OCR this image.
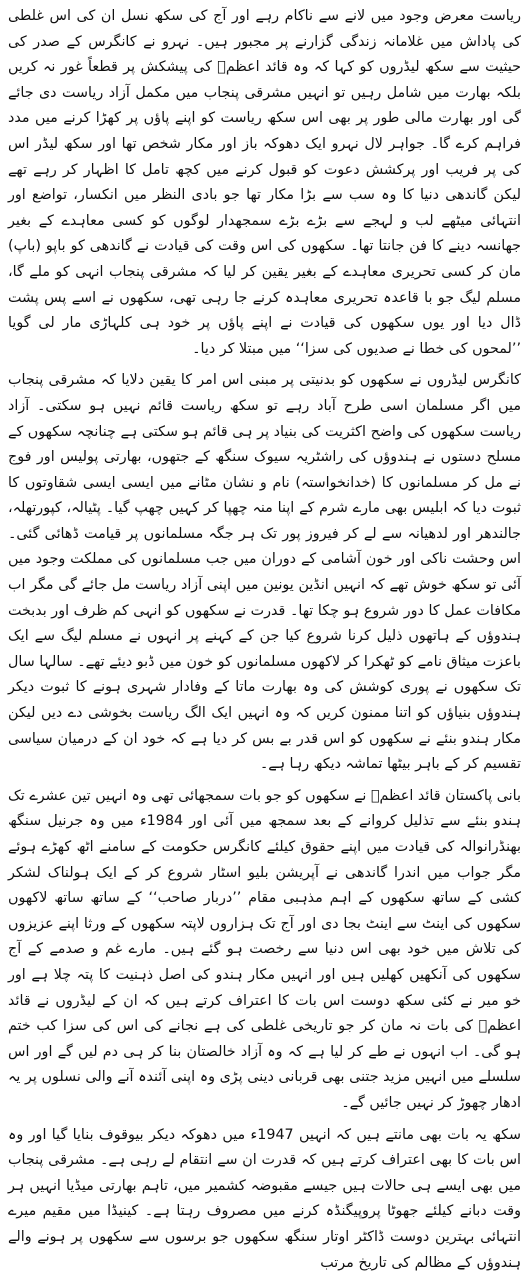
ریاست معرض وجود میں لانے سے ناکام رہے اور آج کی سکھ نسل ان کی اس غلطی کی پاداش میں غلامانہ زندگی گزارنے پر مجبور ہیں۔ نہرو نے کانگرس کے صدر کی حیثیت سے سکھ لیڈروں کو کہا کہ وہ قائد اعظمؒ کی پیشکش پر قطعاً غور نہ کریں بلکہ بھارت میں شامل رہیں تو انہیں مشرقی پنجاب میں مکمل آزاد ریاست دی جائے گی اور بھارت مالی طور پر بھی اس سکھ ریاست کو اپنے پاؤں پر کھڑا کرنے میں مدد فراہم کرے گا۔ جواہر لال نہرو ایک دھوکہ باز اور مکار شخص تھا اور سکھ لیڈر اس کی پر فریب اور پرکشش دعوت کو قبول کرنے میں کچھ تامل کا اظہار کر رہے تھے لیکن گاندھی دنیا کا وہ سب سے بڑا مکار تھا جو بادی النظر میں انکسار، تواضع اور انتہائی میٹھے لب و لہجے سے بڑے بڑے سمجھدار لوگوں کو کسی معاہدے کے بغیر جھانسہ دینے کا فن جانتا تھا۔ سکھوں کی اس وقت کی قیادت نے گاندھی کو باپو (باپ) مان کر کسی تحریری معاہدے کے بغیر یقین کر لیا کہ مشرقی پنجاب انہی کو ملے گا، مسلم لیگ جو با قاعدہ تحریری معاہدہ کرنے جا رہی تھی، سکھوں نے اسے پس پشت ڈال دیا اور یوں سکھوں کی قیادت نے اپنے پاؤں پر خود ہی کلہاڑی مار لی گویا ’’لمحوں کی خطا نے صدیوں کی سزا‘‘ میں مبتلا کر دیا۔

کانگرس لیڈروں نے سکھوں کو بدنیتی پر مبنی اس امر کا یقین دلایا کہ مشرقی پنجاب میں اگر مسلمان اسی طرح آباد رہے تو سکھ ریاست قائم نہیں ہو سکتی۔ آزاد ریاست سکھوں کی واضح اکثریت کی بنیاد پر ہی قائم ہو سکتی ہے چنانچہ سکھوں کے مسلح دستوں نے ہندوؤں کی راشٹریہ سیوک سنگھ کے جتھوں، بھارتی پولیس اور فوج نے مل کر مسلمانوں کا (خدانخواستہ) نام و نشان مٹانے میں ایسی ایسی شقاوتوں کا ثبوت دیا کہ ابلیس بھی مارے شرم کے اپنا منہ چھپا کر کہیں چھپ گیا۔ پٹیالہ، کپورتھلہ، جالندھر اور لدھیانہ سے لے کر فیروز پور تک ہر جگہ مسلمانوں پر قیامت ڈھائی گئی۔ اس وحشت ناکی اور خون آشامی کے دوران میں جب مسلمانوں کی مملکت وجود میں آئی تو سکھ خوش تھے کہ انہیں انڈین یونین میں اپنی آزاد ریاست مل جائے گی مگر اب مکافات عمل کا دور شروع ہو چکا تھا۔ قدرت نے سکھوں کو انہی کم ظرف اور بدبخت ہندوؤں کے ہاتھوں ذلیل کرنا شروع کیا جن کے کہنے پر انہوں نے مسلم لیگ سے ایک باعزت میثاق نامے کو ٹھکرا کر لاکھوں مسلمانوں کو خون میں ڈبو دیئے تھے۔ سالہا سال تک سکھوں نے پوری کوشش کی وہ بھارت ماتا کے وفادار شہری ہونے کا ثبوت دیکر ہندوؤں بنیاؤں کو اتنا ممنون کریں کہ وہ انہیں ایک الگ ریاست بخوشی دے دیں لیکن مکار ہندو بنئے نے سکھوں کو اس قدر بے بس کر دیا ہے کہ خود ان کے درمیان سیاسی تقسیم کر کے باہر بیٹھا تماشہ دیکھ رہا ہے۔

بانی پاکستان قائد اعظمؒ نے سکھوں کو جو بات سمجھائی تھی وہ انہیں تین عشرے تک ہندو بنئے سے تذلیل کروانے کے بعد سمجھ میں آئی اور 1984ء میں وہ جرنیل سنگھ بھنڈرانوالہ کی قیادت میں اپنے حقوق کیلئے کانگرس حکومت کے سامنے اٹھ کھڑے ہوئے مگر جواب میں اندرا گاندھی نے آپریشن بلیو اسٹار شروع کر کے ایک ہولناک لشکر کشی کے ساتھ سکھوں کے اہم مذہبی مقام ’’دربار صاحب‘‘ کے ساتھ ساتھ لاکھوں سکھوں کی اینٹ سے اینٹ بجا دی اور آج تک ہزاروں لاپتہ سکھوں کے ورثا اپنے عزیزوں کی تلاش میں خود بھی اس دنیا سے رخصت ہو گئے ہیں۔ مارے غم و صدمے کے آج سکھوں کی آنکھیں کھلیں ہیں اور انہیں مکار ہندو کی اصل ذہنیت کا پتہ چلا ہے اور خو میر نے کئی سکھ دوست اس بات کا اعتراف کرتے ہیں کہ ان کے لیڈروں نے قائد اعظمؒ کی بات نہ مان کر جو تاریخی غلطی کی ہے نجانے کی اس کی سزا کب ختم ہو گی۔ اب انہوں نے طے کر لیا ہے کہ وہ آزاد خالصتان بنا کر ہی دم لیں گے اور اس سلسلے میں انہیں مزید جتنی بھی قربانی دینی پڑی وہ اپنی آئندہ آنے والی نسلوں پر یہ ادھار چھوڑ کر نہیں جائیں گے۔

سکھ یہ بات بھی مانتے ہیں کہ انہیں 1947ء میں دھوکہ دیکر بیوقوف بنایا گیا اور وہ اس بات کا بھی اعتراف کرتے ہیں کہ قدرت ان سے انتقام لے رہی ہے۔ مشرقی پنجاب میں بھی ایسے ہی حالات ہیں جیسے مقبوضہ کشمیر میں، تاہم بھارتی میڈیا انہیں ہر وقت دبانے کیلئے جھوٹا پروپیگنڈہ کرنے میں مصروف رہتا ہے۔ کینیڈا میں مقیم میرے انتہائی بہترین دوست ڈاکٹر اوتار سنگھ سکھوں جو برسوں سے سکھوں پر ہونے والے ہندوؤں کے مظالم کی تاریخ مرتب
